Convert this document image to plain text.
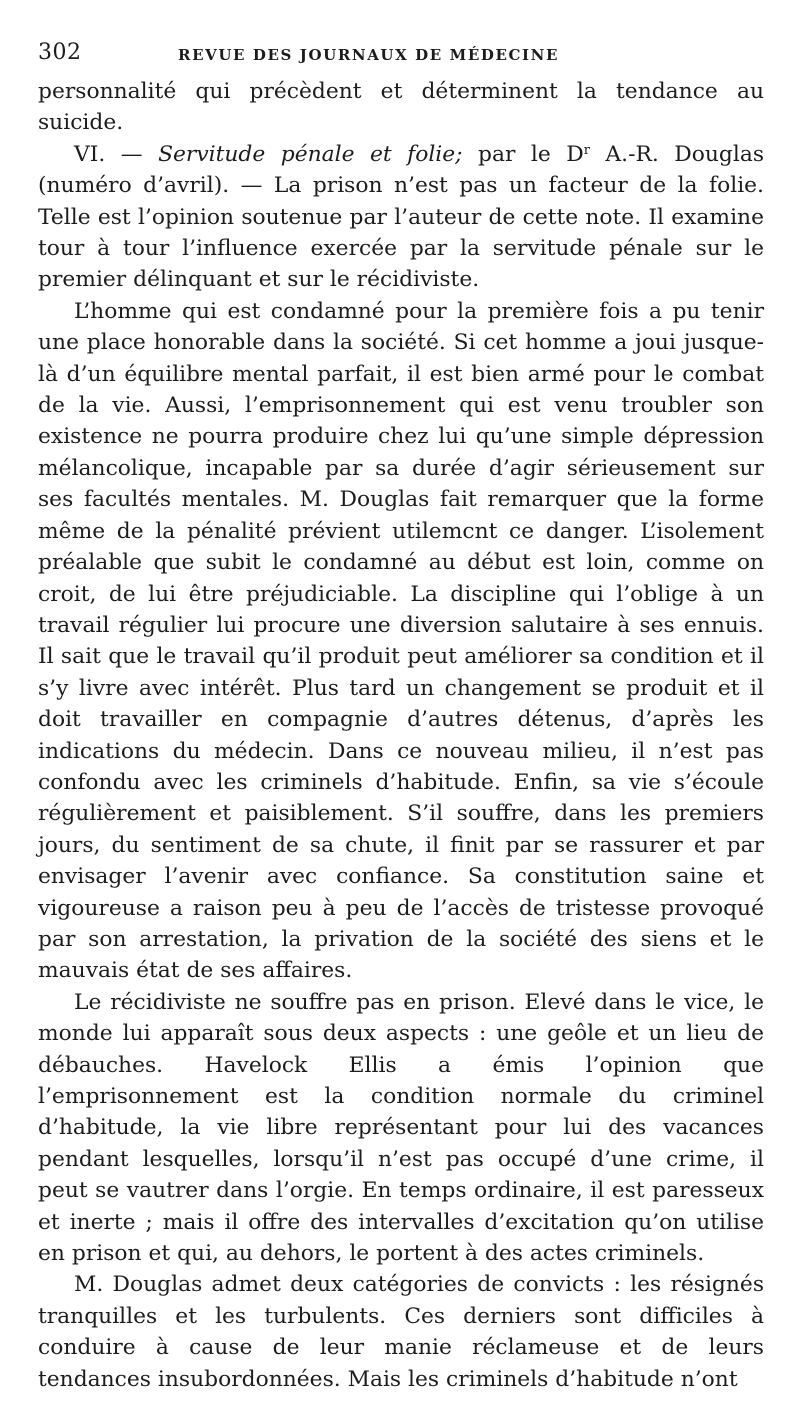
302	REVUE DES JOURNAUX DE MÉDECINE

personnalité qui précèdent et déterminent la tendance au suicide.

VI. — Servitude pénale et folie; par le $D^r$ A.-R. Douglas (numéro d’avril). — La prison n’est pas un facteur de la folie. Telle est l’opinion soutenue par l’auteur de cette note. Il examine tour à tour l’influence exercée par la servitude pénale sur le premier délinquant et sur le récidiviste.

L’homme qui est condamné pour la première fois a pu tenir une place honorable dans la société. Si cet homme a joui jusque-là d’un équilibre mental parfait, il est bien armé pour le combat de la vie. Aussi, l’emprisonnement qui est venu troubler son existence ne pourra produire chez lui qu’une simple dépression mélancolique, incapable par sa durée d’agir sérieusement sur ses facultés mentales. M. Douglas fait remarquer que la forme même de la pénalité prévient utilemcnt ce danger. L’isolement préalable que subit le condamné au début est loin, comme on croit, de lui être préjudiciable. La discipline qui l’oblige à un travail régulier lui procure une diversion salutaire à ses ennuis. Il sait que le travail qu’il produit peut améliorer sa condition et il s’y livre avec intérêt. Plus tard un changement se produit et il doit travailler en compagnie d’autres détenus, d’après les indications du médecin. Dans ce nouveau milieu, il n’est pas confondu avec les criminels d’habitude. Enfin, sa vie s’écoule régulièrement et paisiblement. S’il souffre, dans les premiers jours, du sentiment de sa chute, il finit par se rassurer et par envisager l’avenir avec confiance. Sa constitution saine et vigoureuse a raison peu à peu de l’accès de tristesse provoqué par son arrestation, la privation de la société des siens et le mauvais état de ses affaires.

Le récidiviste ne souffre pas en prison. Elevé dans le vice, le monde lui apparaît sous deux aspects : une geôle et un lieu de débauches. Havelock Ellis a émis l’opinion que l’emprisonnement est la condition normale du criminel d’habitude, la vie libre représentant pour lui des vacances pendant lesquelles, lorsqu’il n’est pas occupé d’une crime, il peut se vautrer dans l’orgie. En temps ordinaire, il est paresseux et inerte ; mais il offre des intervalles d’excitation qu’on utilise en prison et qui, au dehors, le portent à des actes criminels.

M. Douglas admet deux catégories de convicts : les résignés tranquilles et les turbulents. Ces derniers sont difficiles à conduire à cause de leur manie réclameuse et de leurs tendances insubordonnées. Mais les criminels d’habitude n’ont
